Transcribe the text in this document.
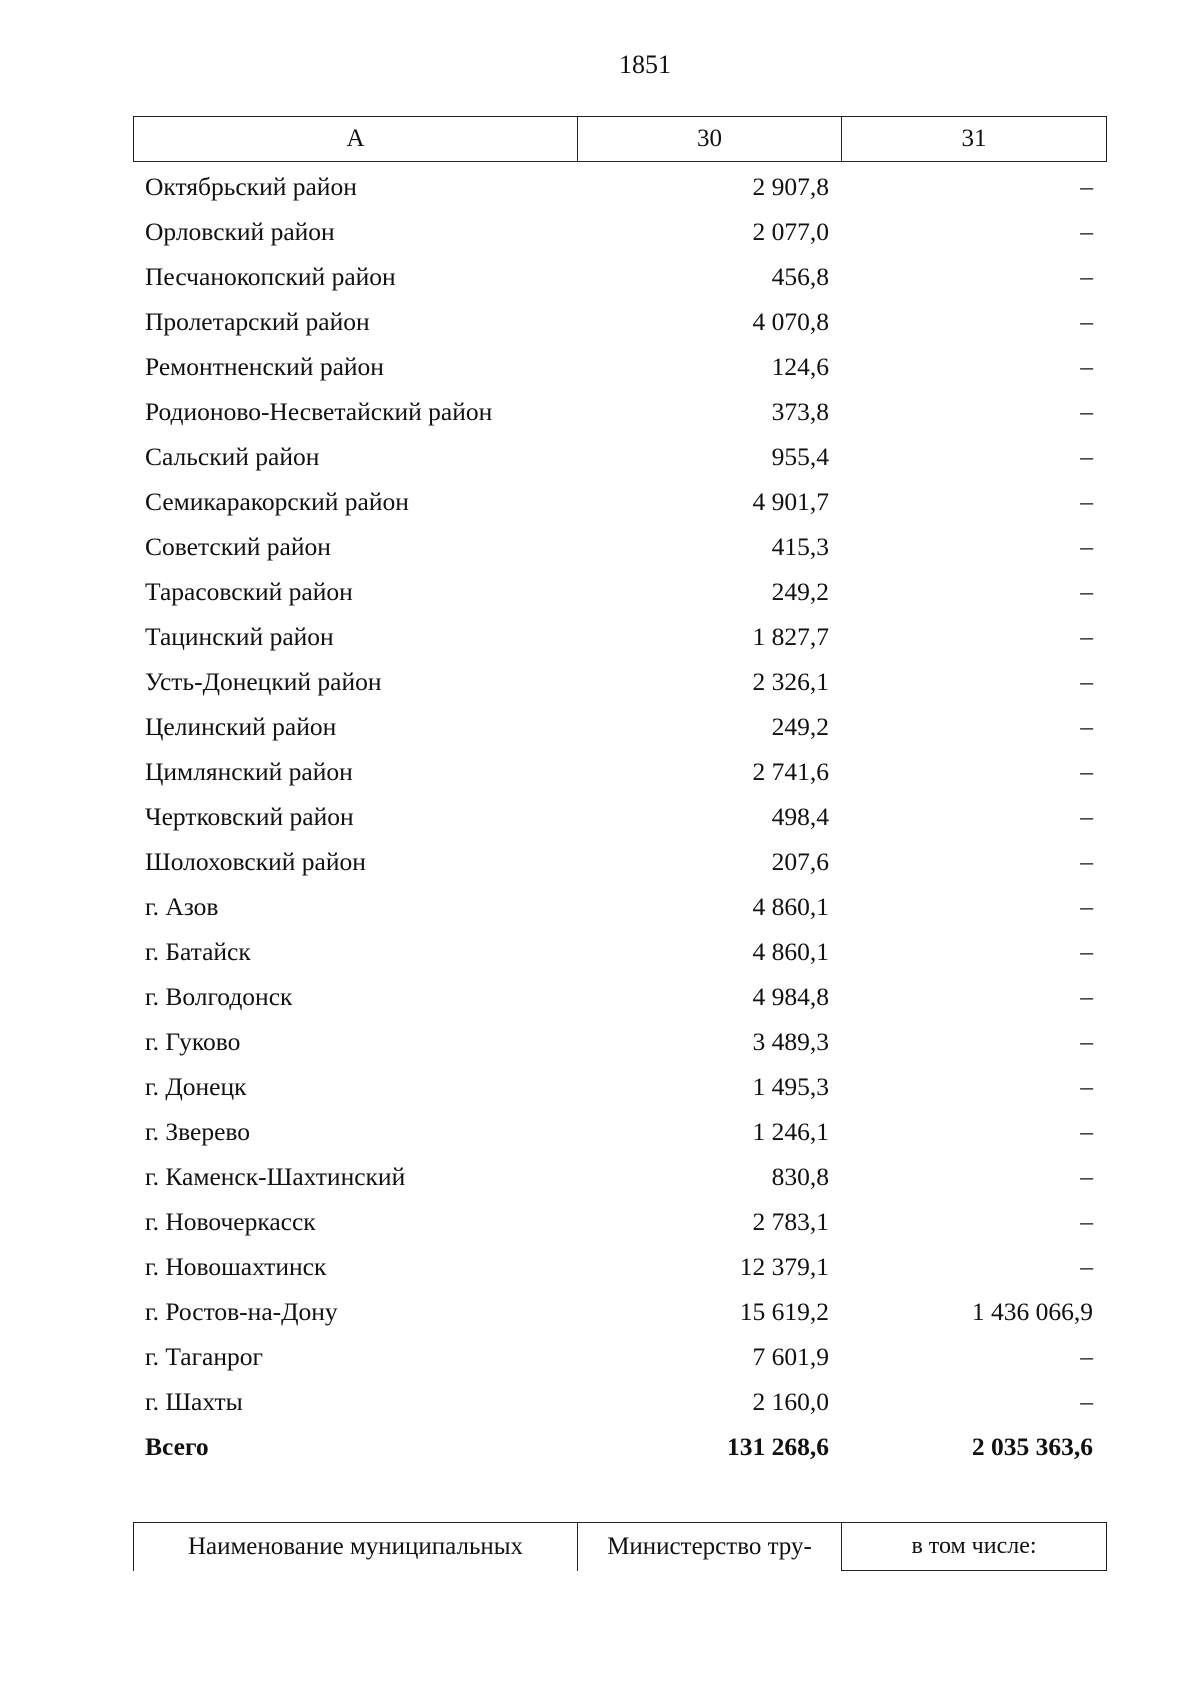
1851
А	30	31
Октябрьский район	2 907,8	–
Орловский район	2 077,0	–
Песчанокопский район	456,8	–
Пролетарский район	4 070,8	–
Ремонтненский район	124,6	–
Родионово-Несветайский район	373,8	–
Сальский район	955,4	–
Семикаракорский район	4 901,7	–
Советский район	415,3	–
Тарасовский район	249,2	–
Тацинский район	1 827,7	–
Усть-Донецкий район	2 326,1	–
Целинский район	249,2	–
Цимлянский район	2 741,6	–
Чертковский район	498,4	–
Шолоховский район	207,6	–
г. Азов	4 860,1	–
г. Батайск	4 860,1	–
г. Волгодонск	4 984,8	–
г. Гуково	3 489,3	–
г. Донецк	1 495,3	–
г. Зверево	1 246,1	–
г. Каменск-Шахтинский	830,8	–
г. Новочеркасск	2 783,1	–
г. Новошахтинск	12 379,1	–
г. Ростов-на-Дону	15 619,2	1 436 066,9
г. Таганрог	7 601,9	–
г. Шахты	2 160,0	–
Всего	131 268,6	2 035 363,6
Наименование муниципальных	Министерство тру-	в том числе:
